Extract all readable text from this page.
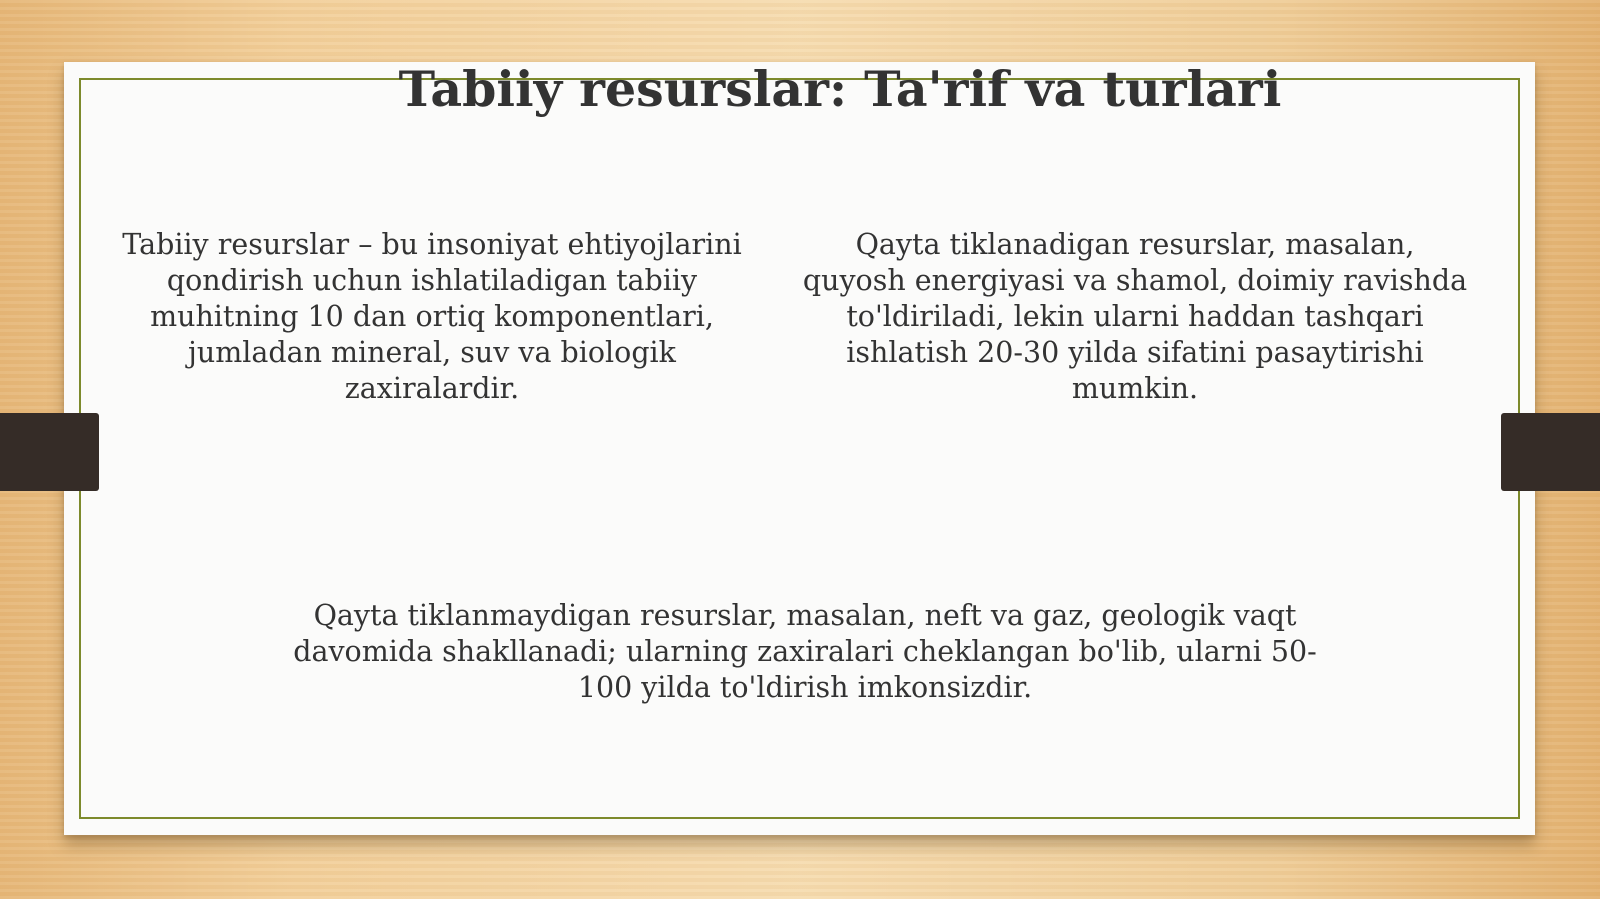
Tabiiy resurslar: Ta'rif va turlari
Tabiiy resurslar – bu insoniyat ehtiyojlarini qondirish uchun ishlatiladigan tabiiy muhitning 10 dan ortiq komponentlari, jumladan mineral, suv va biologik zaxiralardir.
Qayta tiklanadigan resurslar, masalan, quyosh energiyasi va shamol, doimiy ravishda to'ldiriladi, lekin ularni haddan tashqari ishlatish 20-30 yilda sifatini pasaytirishi mumkin.
Qayta tiklanmaydigan resurslar, masalan, neft va gaz, geologik vaqt davomida shakllanadi; ularning zaxiralari cheklangan bo'lib, ularni 50-100 yilda to'ldirish imkonsizdir.
